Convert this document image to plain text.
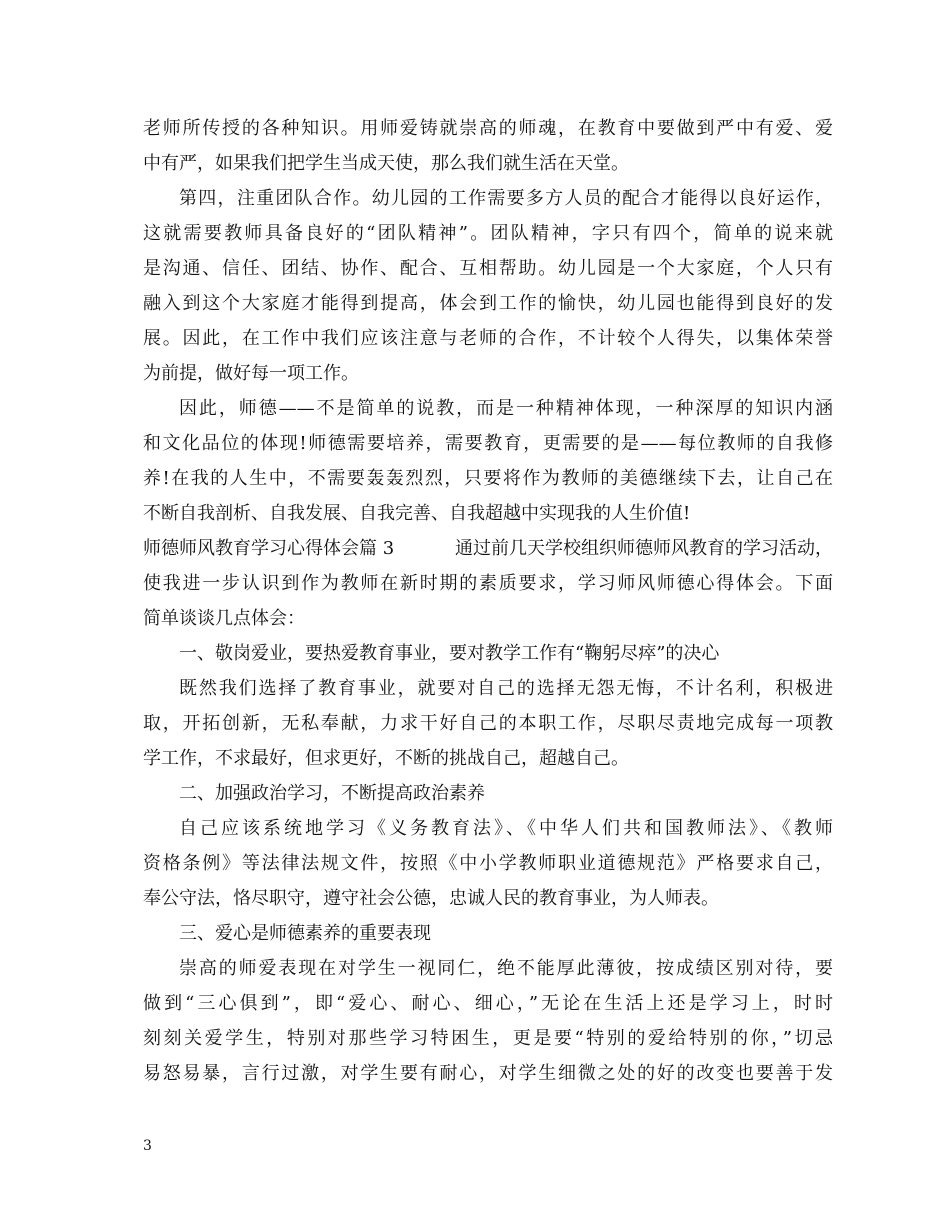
老师所传授的各种知识。用师爱铸就崇高的师魂，在教育中要做到严中有爱、爱
中有严，如果我们把学生当成天使，那么我们就生活在天堂。
第四，注重团队合作。幼儿园的工作需要多方人员的配合才能得以良好运作，
这就需要教师具备良好的“团队精神”。团队精神，字只有四个，简单的说来就
是沟通、信任、团结、协作、配合、互相帮助。幼儿园是一个大家庭，个人只有
融入到这个大家庭才能得到提高，体会到工作的愉快，幼儿园也能得到良好的发
展。因此，在工作中我们应该注意与老师的合作，不计较个人得失，以集体荣誉
为前提，做好每一项工作。
因此，师德——不是简单的说教，而是一种精神体现，一种深厚的知识内涵
和文化品位的体现!师德需要培养，需要教育，更需要的是——每位教师的自我修
养!在我的人生中，不需要轰轰烈烈，只要将作为教师的美德继续下去，让自己在
不断自我剖析、自我发展、自我完善、自我超越中实现我的人生价值!
师德师风教育学习心得体会篇 3	通过前几天学校组织师德师风教育的学习活动，
使我进一步认识到作为教师在新时期的素质要求，学习师风师德心得体会。下面
简单谈谈几点体会：
一、敬岗爱业，要热爱教育事业，要对教学工作有“鞠躬尽瘁”的决心
既然我们选择了教育事业，就要对自己的选择无怨无悔，不计名利，积极进
取，开拓创新，无私奉献，力求干好自己的本职工作，尽职尽责地完成每一项教
学工作，不求最好，但求更好，不断的挑战自己，超越自己。
二、加强政治学习，不断提高政治素养
自己应该系统地学习《义务教育法》、《中华人们共和国教师法》、《教师
资格条例》等法律法规文件，按照《中小学教师职业道德规范》严格要求自己，
奉公守法，恪尽职守，遵守社会公德，忠诚人民的教育事业，为人师表。
三、爱心是师德素养的重要表现
崇高的师爱表现在对学生一视同仁，绝不能厚此薄彼，按成绩区别对待，要
做到“三心俱到”，即“爱心、耐心、细心，”无论在生活上还是学习上，时时
刻刻关爱学生，特别对那些学习特困生，更是要“特别的爱给特别的你，”切忌
易怒易暴，言行过激，对学生要有耐心，对学生细微之处的好的改变也要善于发
3
